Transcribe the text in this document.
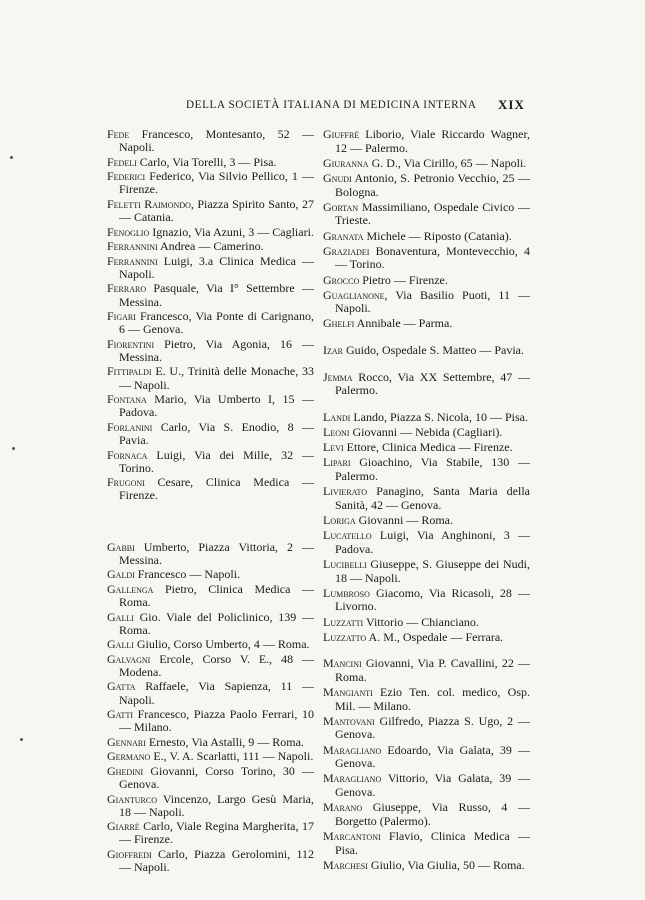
DELLA SOCIETÀ ITALIANA DI MEDICINA INTERNA XIX
Fede Francesco, Montesanto, 52 — Napoli.
Fedeli Carlo, Via Torelli, 3 — Pisa.
Federici Federico, Via Silvio Pellico, 1 — Firenze.
Feletti Raimondo, Piazza Spirito Santo, 27 — Catania.
Fenoglio Ignazio, Via Azuni, 3 — Cagliari.
Ferrannini Andrea — Camerino.
Ferrannini Luigi, 3.a Clinica Medica — Napoli.
Ferraro Pasquale, Via I° Settembre — Messina.
Figari Francesco, Via Ponte di Carignano, 6 — Genova.
Fiorentini Pietro, Via Agonia, 16 — Messina.
Fittipaldi E. U., Trinità delle Monache, 33 — Napoli.
Fontana Mario, Via Umberto I, 15 — Padova.
Forlanini Carlo, Via S. Enodio, 8 — Pavia.
Fornaca Luigi, Via dei Mille, 32 — Torino.
Frugoni Cesare, Clinica Medica — Firenze.
Gabbi Umberto, Piazza Vittoria, 2 — Messina.
Galdi Francesco — Napoli.
Gallenga Pietro, Clinica Medica — Roma.
Galli Gio. Viale del Policlinico, 139 — Roma.
Galli Giulio, Corso Umberto, 4 — Roma.
Galvagni Ercole, Corso V. E., 48 — Modena.
Gatta Raffaele, Via Sapienza, 11 — Napoli.
Gatti Francesco, Piazza Paolo Ferrari, 10 — Milano.
Gennari Ernesto, Via Astalli, 9 — Roma.
Germano E., V. A. Scarlatti, 111 — Napoli.
Ghedini Giovanni, Corso Torino, 30 — Genova.
Gianturco Vincenzo, Largo Gesù Maria, 18 — Napoli.
Giarrè Carlo, Viale Regina Margherita, 17 — Firenze.
Gioffredi Carlo, Piazza Gerolomini, 112 — Napoli.
Giuffrè Liborio, Viale Riccardo Wagner, 12 — Palermo.
Giuranna G. D., Via Cirillo, 65 — Napoli.
Gnudi Antonio, S. Petronio Vecchio, 25 — Bologna.
Gortan Massimiliano, Ospedale Civico — Trieste.
Granata Michele — Riposto (Catania).
Graziadei Bonaventura, Montevecchio, 4 — Torino.
Grocco Pietro — Firenze.
Guaglianone, Via Basilio Puoti, 11 — Napoli.
Ghelfi Annibale — Parma.
Izar Guido, Ospedale S. Matteo — Pavia.
Jemma Rocco, Via XX Settembre, 47 — Palermo.
Landi Lando, Piazza S. Nicola, 10 — Pisa.
Leoni Giovanni — Nebida (Cagliari).
Levi Ettore, Clinica Medica — Firenze.
Lipari Gioachino, Via Stabile, 130 — Palermo.
Livierato Panagino, Santa Maria della Sanità, 42 — Genova.
Loriga Giovanni — Roma.
Lucatello Luigi, Via Anghinoni, 3 — Padova.
Lucibelli Giuseppe, S. Giuseppe dei Nudi, 18 — Napoli.
Lumbroso Giacomo, Via Ricasoli, 28 — Livorno.
Luzzatti Vittorio — Chianciano.
Luzzatto A. M., Ospedale — Ferrara.
Mancini Giovanni, Via P. Cavallini, 22 — Roma.
Mangianti Ezio Ten. col. medico, Osp. Mil. — Milano.
Mantovani Gilfredo, Piazza S. Ugo, 2 — Genova.
Maragliano Edoardo, Via Galata, 39 — Genova.
Maragliano Vittorio, Via Galata, 39 — Genova.
Marano Giuseppe, Via Russo, 4 — Borgetto (Palermo).
Marcantoni Flavio, Clinica Medica — Pisa.
Marchesi Giulio, Via Giulia, 50 — Roma.
